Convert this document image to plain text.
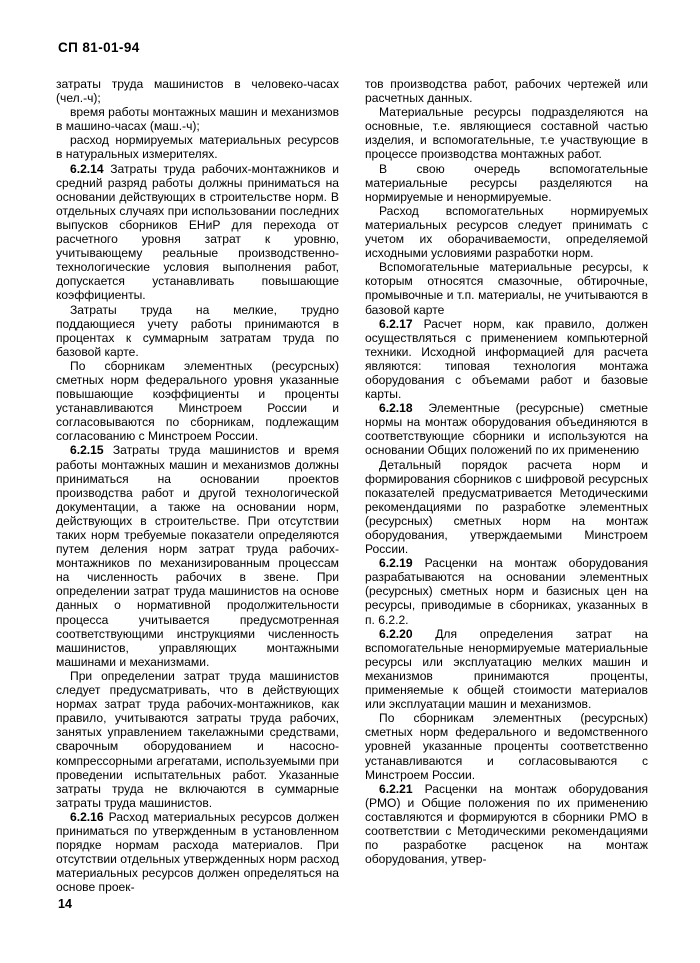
СП 81-01-94

затраты труда машинистов в человеко-часах (чел.-ч);

время работы монтажных машин и механизмов в машино-часах (маш.-ч);

расход нормируемых материальных ресурсов в натуральных измерителях.

6.2.14 Затраты труда рабочих-монтажников и средний разряд работы должны приниматься на основании действующих в строительстве норм. В отдельных случаях при использовании последних выпусков сборников ЕНиР для перехода от расчетного уровня затрат к уровню, учитывающему реальные производственно-технологические условия выполнения работ, допускается устанавливать повышающие коэффициенты.

Затраты труда на мелкие, трудно поддающиеся учету работы принимаются в процентах к суммарным затратам труда по базовой карте.

По сборникам элементных (ресурсных) сметных норм федерального уровня указанные повышающие коэффициенты и проценты устанавливаются Минстроем России и согласовываются по сборникам, подлежащим согласованию с Минстроем России.

6.2.15 Затраты труда машинистов и время работы монтажных машин и механизмов должны приниматься на основании проектов производства работ и другой технологической документации, а также на основании норм, действующих в строительстве. При отсутствии таких норм требуемые показатели определяются путем деления норм затрат труда рабочих-монтажников по механизированным процессам на численность рабочих в звене. При определении затрат труда машинистов на основе данных о нормативной продолжительности процесса учитывается предусмотренная соответствующими инструкциями численность машинистов, управляющих монтажными машинами и механизмами.

При определении затрат труда машинистов следует предусматривать, что в действующих нормах затрат труда рабочих-монтажников, как правило, учитываются затраты труда рабочих, занятых управлением такелажными средствами, сварочным оборудованием и насосно-компрессорными агрегатами, используемыми при проведении испытательных работ. Указанные затраты труда не включаются в суммарные затраты труда машинистов.

6.2.16 Расход материальных ресурсов должен приниматься по утвержденным в установленном порядке нормам расхода материалов. При отсутствии отдельных утвержденных норм расход материальных ресурсов должен определяться на основе проек-

тов производства работ, рабочих чертежей или расчетных данных.

Материальные ресурсы подразделяются на основные, т.е. являющиеся составной частью изделия, и вспомогательные, т.е участвующие в процессе производства монтажных работ.

В свою очередь вспомогательные материальные ресурсы разделяются на нормируемые и ненормируемые.

Расход вспомогательных нормируемых материальных ресурсов следует принимать с учетом их оборачиваемости, определяемой исходными условиями разработки норм.

Вспомогательные материальные ресурсы, к которым относятся смазочные, обтирочные, промывочные и т.п. материалы, не учитываются в базовой карте

6.2.17 Расчет норм, как правило, должен осуществляться с применением компьютерной техники. Исходной информацией для расчета являются: типовая технология монтажа оборудования с объемами работ и базовые карты.

6.2.18 Элементные (ресурсные) сметные нормы на монтаж оборудования объединяются в соответствующие сборники и используются на основании Общих положений по их применению

Детальный порядок расчета норм и формирования сборников с шифровой ресурсных показателей предусматривается Методическими рекомендациями по разработке элементных (ресурсных) сметных норм на монтаж оборудования, утверждаемыми Минстроем России.

6.2.19 Расценки на монтаж оборудования разрабатываются на основании элементных (ресурсных) сметных норм и базисных цен на ресурсы, приводимые в сборниках, указанных в п. 6.2.2.

6.2.20 Для определения затрат на вспомогательные ненормируемые материальные ресурсы или эксплуатацию мелких машин и механизмов принимаются проценты, применяемые к общей стоимости материалов или эксплуатации машин и механизмов.

По сборникам элементных (ресурсных) сметных норм федерального и ведомственного уровней указанные проценты соответственно устанавливаются и согласовываются с Минстроем России.

6.2.21 Расценки на монтаж оборудования (РМО) и Общие положения по их применению составляются и формируются в сборники РМО в соответствии с Методическими рекомендациями по разработке расценок на монтаж оборудования, утвер-

14
